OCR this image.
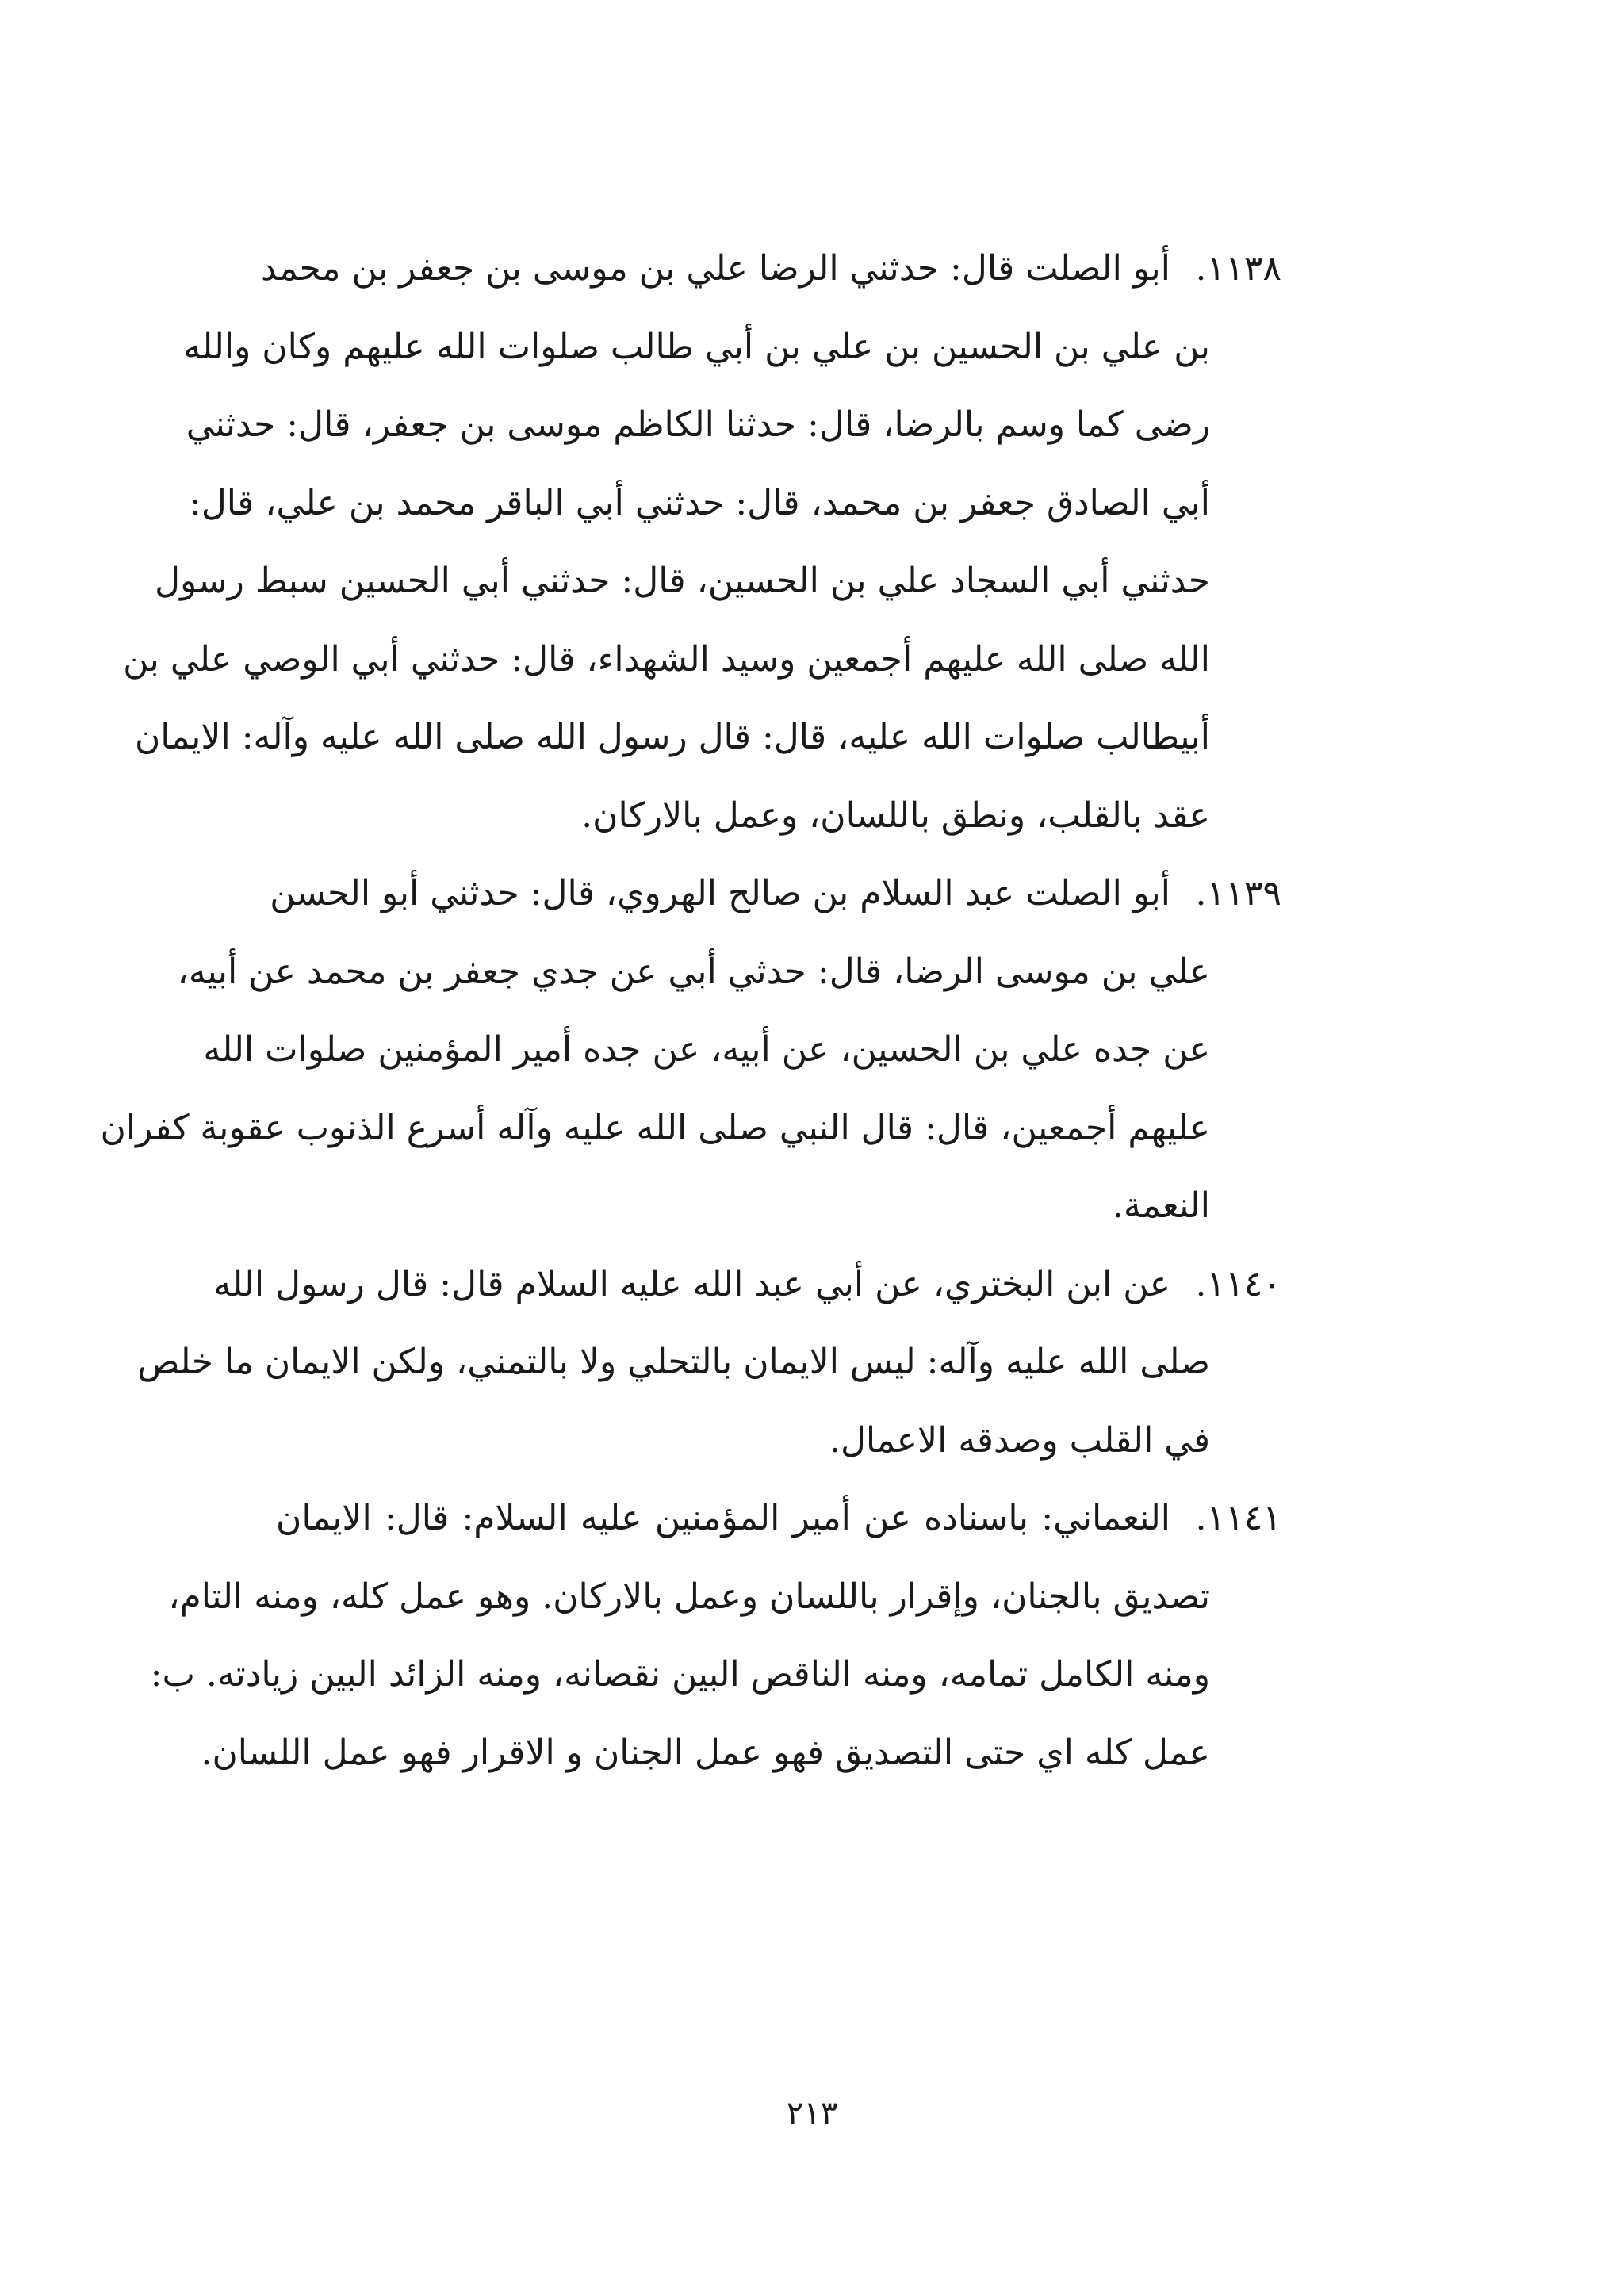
١١٣٨.أبو الصلت قال: حدثني الرضا علي بن موسى بن جعفر بن محمد
بن علي بن الحسين بن علي بن أبي طالب صلوات الله عليهم وكان والله
رضى كما وسم بالرضا، قال: حدثنا الكاظم موسى بن جعفر، قال: حدثني
أبي الصادق جعفر بن محمد، قال: حدثني أبي الباقر محمد بن علي، قال:
حدثني أبي السجاد علي بن الحسين، قال: حدثني أبي الحسين سبط رسول
الله صلى الله عليهم أجمعين وسيد الشهداء، قال: حدثني أبي الوصي علي بن
أبيطالب صلوات الله عليه، قال: قال رسول الله صلى الله عليه وآله: الايمان
عقد بالقلب، ونطق باللسان، وعمل بالاركان.

١١٣٩.أبو الصلت عبد السلام بن صالح الهروي، قال: حدثني أبو الحسن
علي بن موسى الرضا، قال: حدثي أبي عن جدي جعفر بن محمد عن أبيه،
عن جده علي بن الحسين، عن أبيه، عن جده أمير المؤمنين صلوات الله
عليهم أجمعين، قال: قال النبي صلى الله عليه وآله أسرع الذنوب عقوبة كفران
النعمة.

١١٤٠.عن ابن البختري، عن أبي عبد الله عليه السلام قال: قال رسول الله
صلى الله عليه وآله: ليس الايمان بالتحلي ولا بالتمني، ولكن الايمان ما خلص
في القلب وصدقه الاعمال.

١١٤١.النعماني: باسناده عن أمير المؤمنين عليه السلام: قال: الايمان
تصديق بالجنان، وإقرار باللسان وعمل بالاركان. وهو عمل كله، ومنه التام،
ومنه الكامل تمامه، ومنه الناقص البين نقصانه، ومنه الزائد البين زيادته. ب:
عمل كله اي حتى التصديق فهو عمل الجنان و الاقرار فهو عمل اللسان.

٢١٣
